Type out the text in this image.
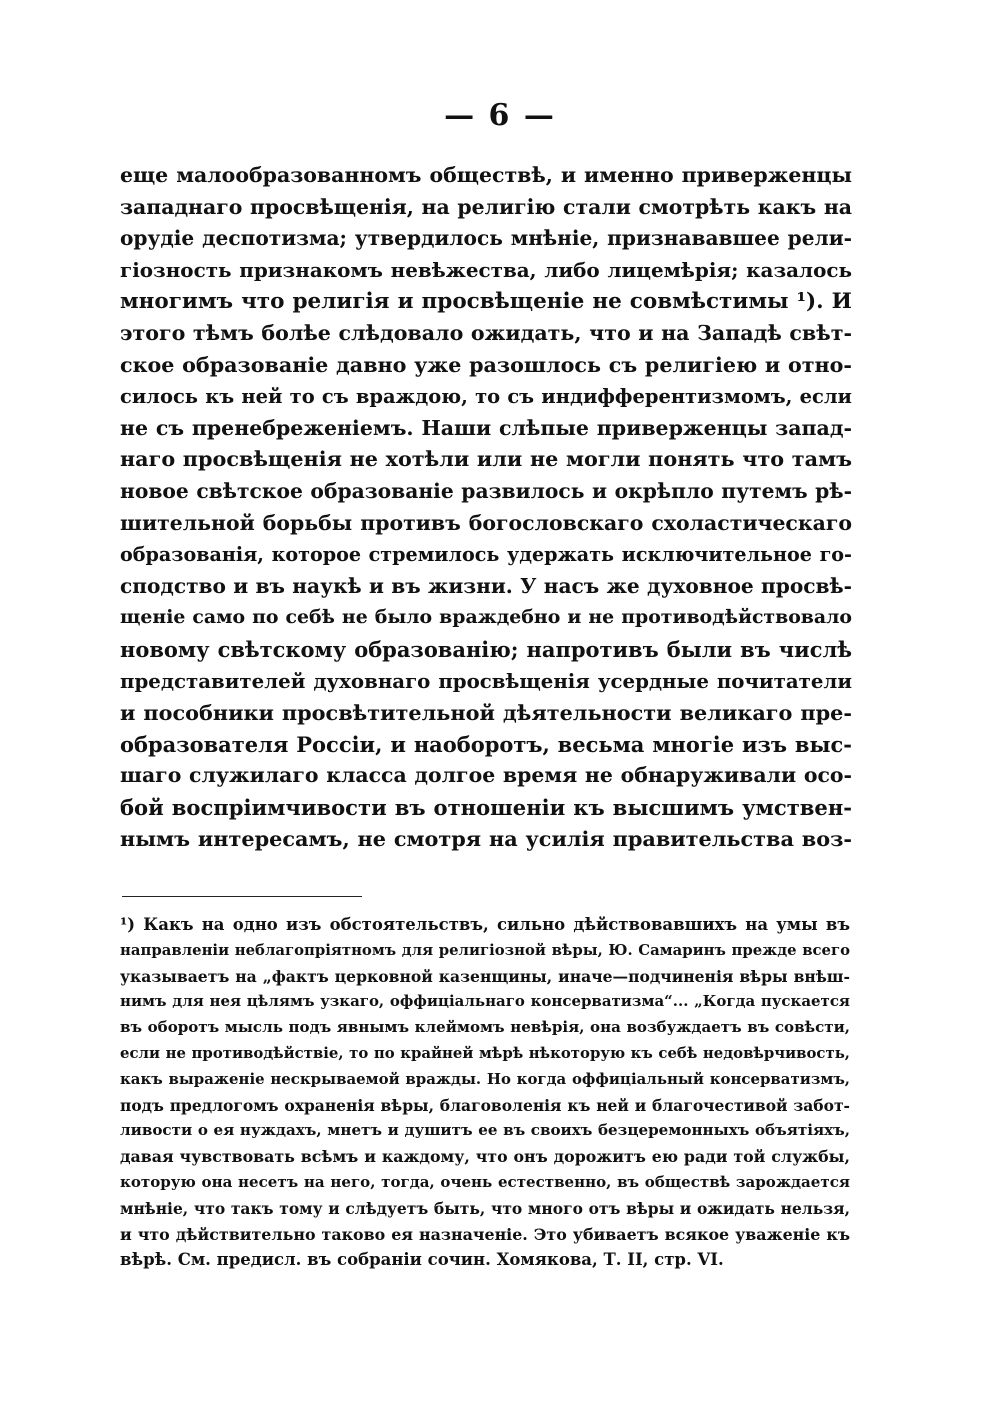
— 6 —
еще малообразованномъ обществѣ, и именно приверженцы
западнаго просвѣщенія, на религію стали смотрѣть какъ на
орудіе деспотизма; утвердилось мнѣніе, признававшее рели-
гіозность признакомъ невѣжества, либо лицемѣрія; казалось
многимъ что религія и просвѣщеніе не совмѣстимы ¹). И
этого тѣмъ болѣе слѣдовало ожидать, что и на Западѣ свѣт-
ское образованіе давно уже разошлось съ религіею и отно-
силось къ ней то съ враждою, то съ индифферентизмомъ, если
не съ пренебреженіемъ. Наши слѣпые приверженцы запад-
наго просвѣщенія не хотѣли или не могли понять что тамъ
новое свѣтское образованіе развилось и окрѣпло путемъ рѣ-
шительной борьбы противъ богословскаго схоластическаго
образованія, которое стремилось удержать исключительное го-
сподство и въ наукѣ и въ жизни. У насъ же духовное просвѣ-
щеніе само по себѣ не было враждебно и не противодѣйствовало
новому свѣтскому образованію; напротивъ были въ числѣ
представителей духовнаго просвѣщенія усердные почитатели
и пособники просвѣтительной дѣятельности великаго пре-
образователя Россіи, и наоборотъ, весьма многіе изъ выс-
шаго служилаго класса долгое время не обнаруживали осо-
бой воспріимчивости въ отношеніи къ высшимъ умствен-
нымъ интересамъ, не смотря на усилія правительства воз-
¹) Какъ на одно изъ обстоятельствъ, сильно дѣйствовавшихъ на умы въ
направленіи неблагопріятномъ для религіозной вѣры, Ю. Самаринъ прежде всего
указываетъ на „фактъ церковной казенщины, иначе—подчиненія вѣры внѣш-
нимъ для нея цѣлямъ узкаго, оффиціальнаго консерватизма“... „Когда пускается
въ оборотъ мысль подъ явнымъ клеймомъ невѣрія, она возбуждаетъ въ совѣсти,
если не противодѣйствіе, то по крайней мѣрѣ нѣкоторую къ себѣ недовѣрчивость,
какъ выраженіе нескрываемой вражды. Но когда оффиціальный консерватизмъ,
подъ предлогомъ охраненія вѣры, благоволенія къ ней и благочестивой забот-
ливости о ея нуждахъ, мнетъ и душитъ ее въ своихъ безцеремонныхъ объятіяхъ,
давая чувствовать всѣмъ и каждому, что онъ дорожитъ ею ради той службы,
которую она несетъ на него, тогда, очень естественно, въ обществѣ зарождается
мнѣніе, что такъ тому и слѣдуетъ быть, что много отъ вѣры и ожидать нельзя,
и что дѣйствительно таково ея назначеніе. Это убиваетъ всякое уваженіе къ
вѣрѣ. См. предисл. въ собраніи сочин. Хомякова, Т. II, стр. VI.
